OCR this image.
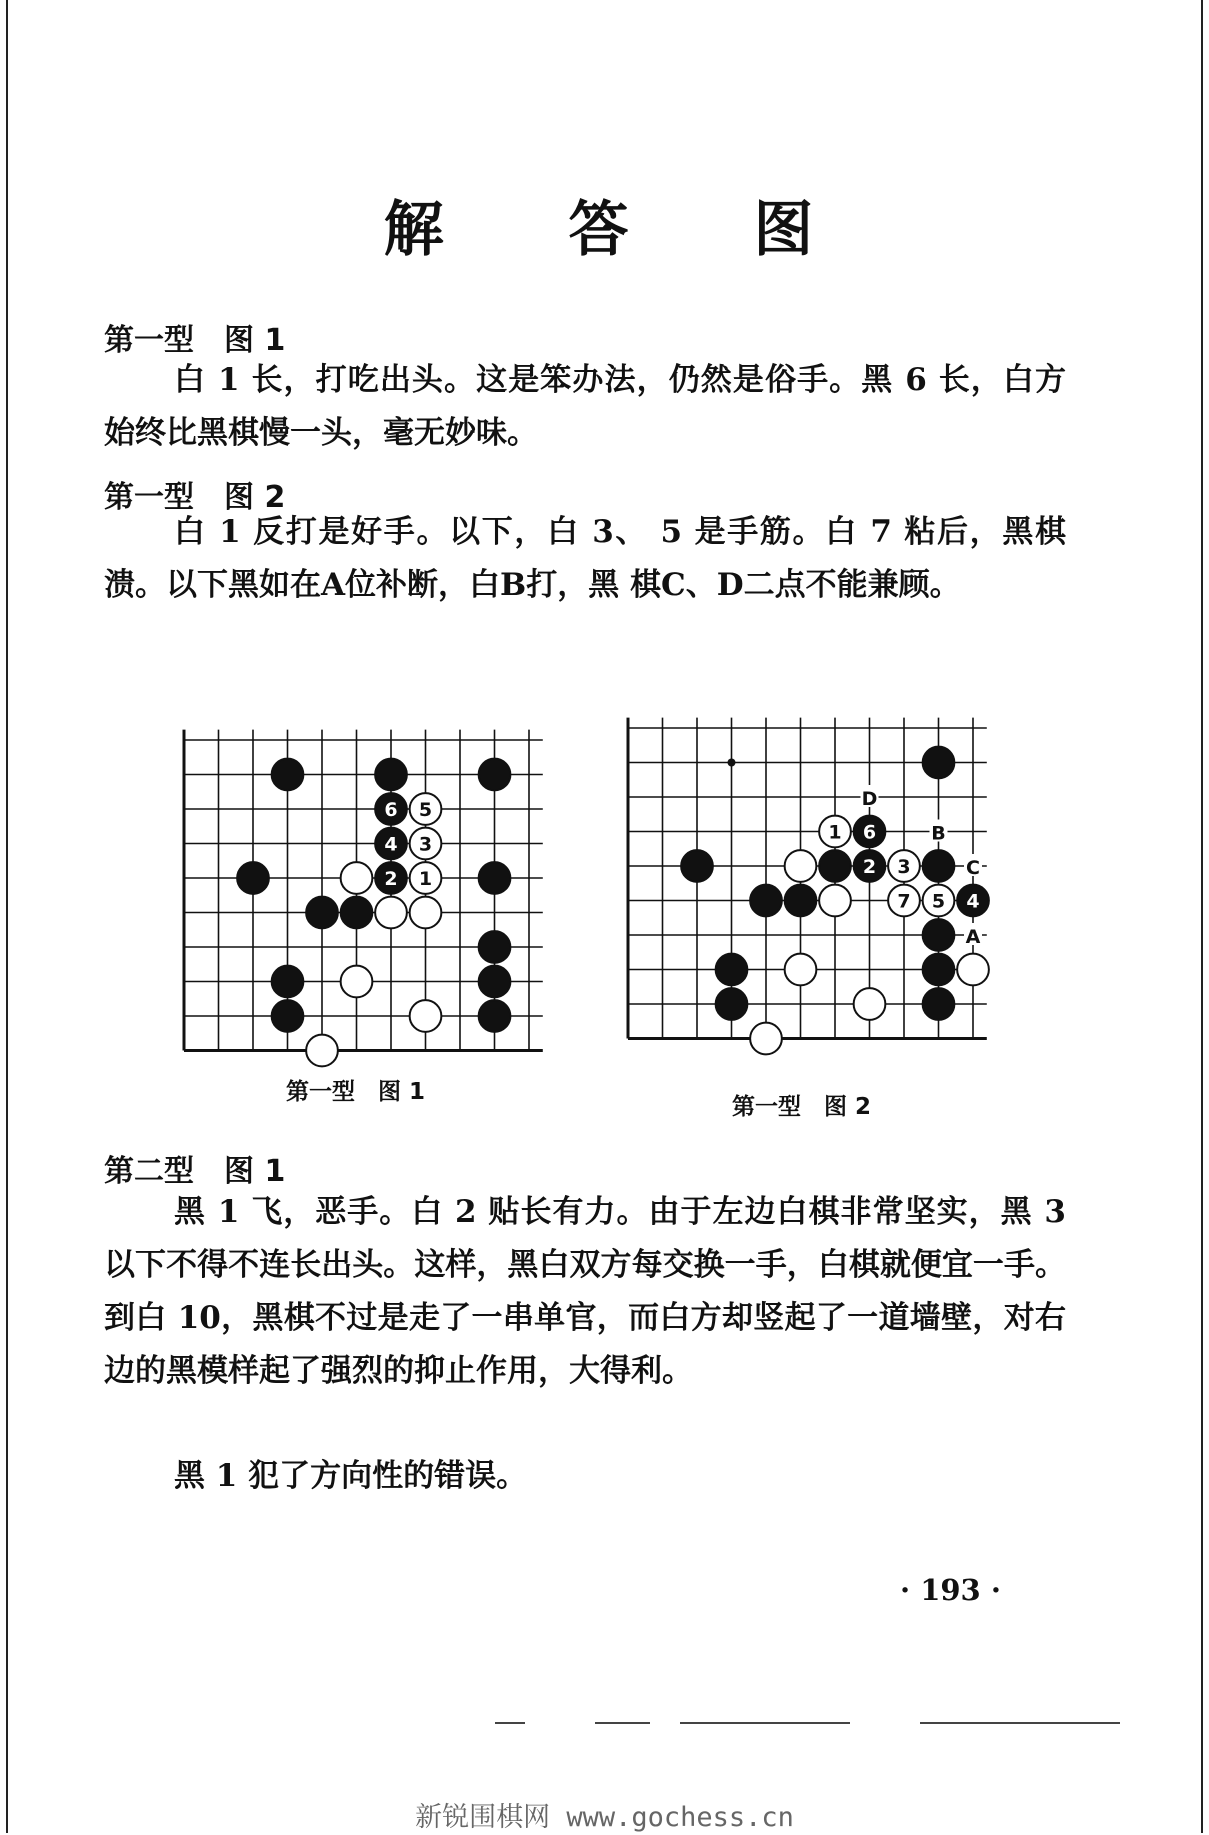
解 答 图
第一型　图 1
白 1 长，打吃出头。这是笨办法，仍然是俗手。黑 6 长，白方始终比黑棋慢一头，毫无妙味。
第一型　图 2
白 1 反打是好手。以下，白 3、 5 是手筋。白 7 粘后，黑棋溃。以下黑如在A位补断，白B打，黑 棋C、D二点不能兼顾。
6 5
4 3
2 1
第一型　图 1
1 6
2 3
7 5 4
D
B
C
A
第一型　图 2
第二型　图 1
黑 1 飞，恶手。白 2 贴长有力。由于左边白棋非常坚实，黑 3 以下不得不连长出头。这样，黑白双方每交换一手，白棋就便宜一手。到白 10，黑棋不过是走了一串单官，而白方却竖起了一道墙壁，对右边的黑模样起了强烈的抑止作用，大得利。
黑 1 犯了方向性的错误。
· 193 ·
新锐围棋网 www.gochess.cn
